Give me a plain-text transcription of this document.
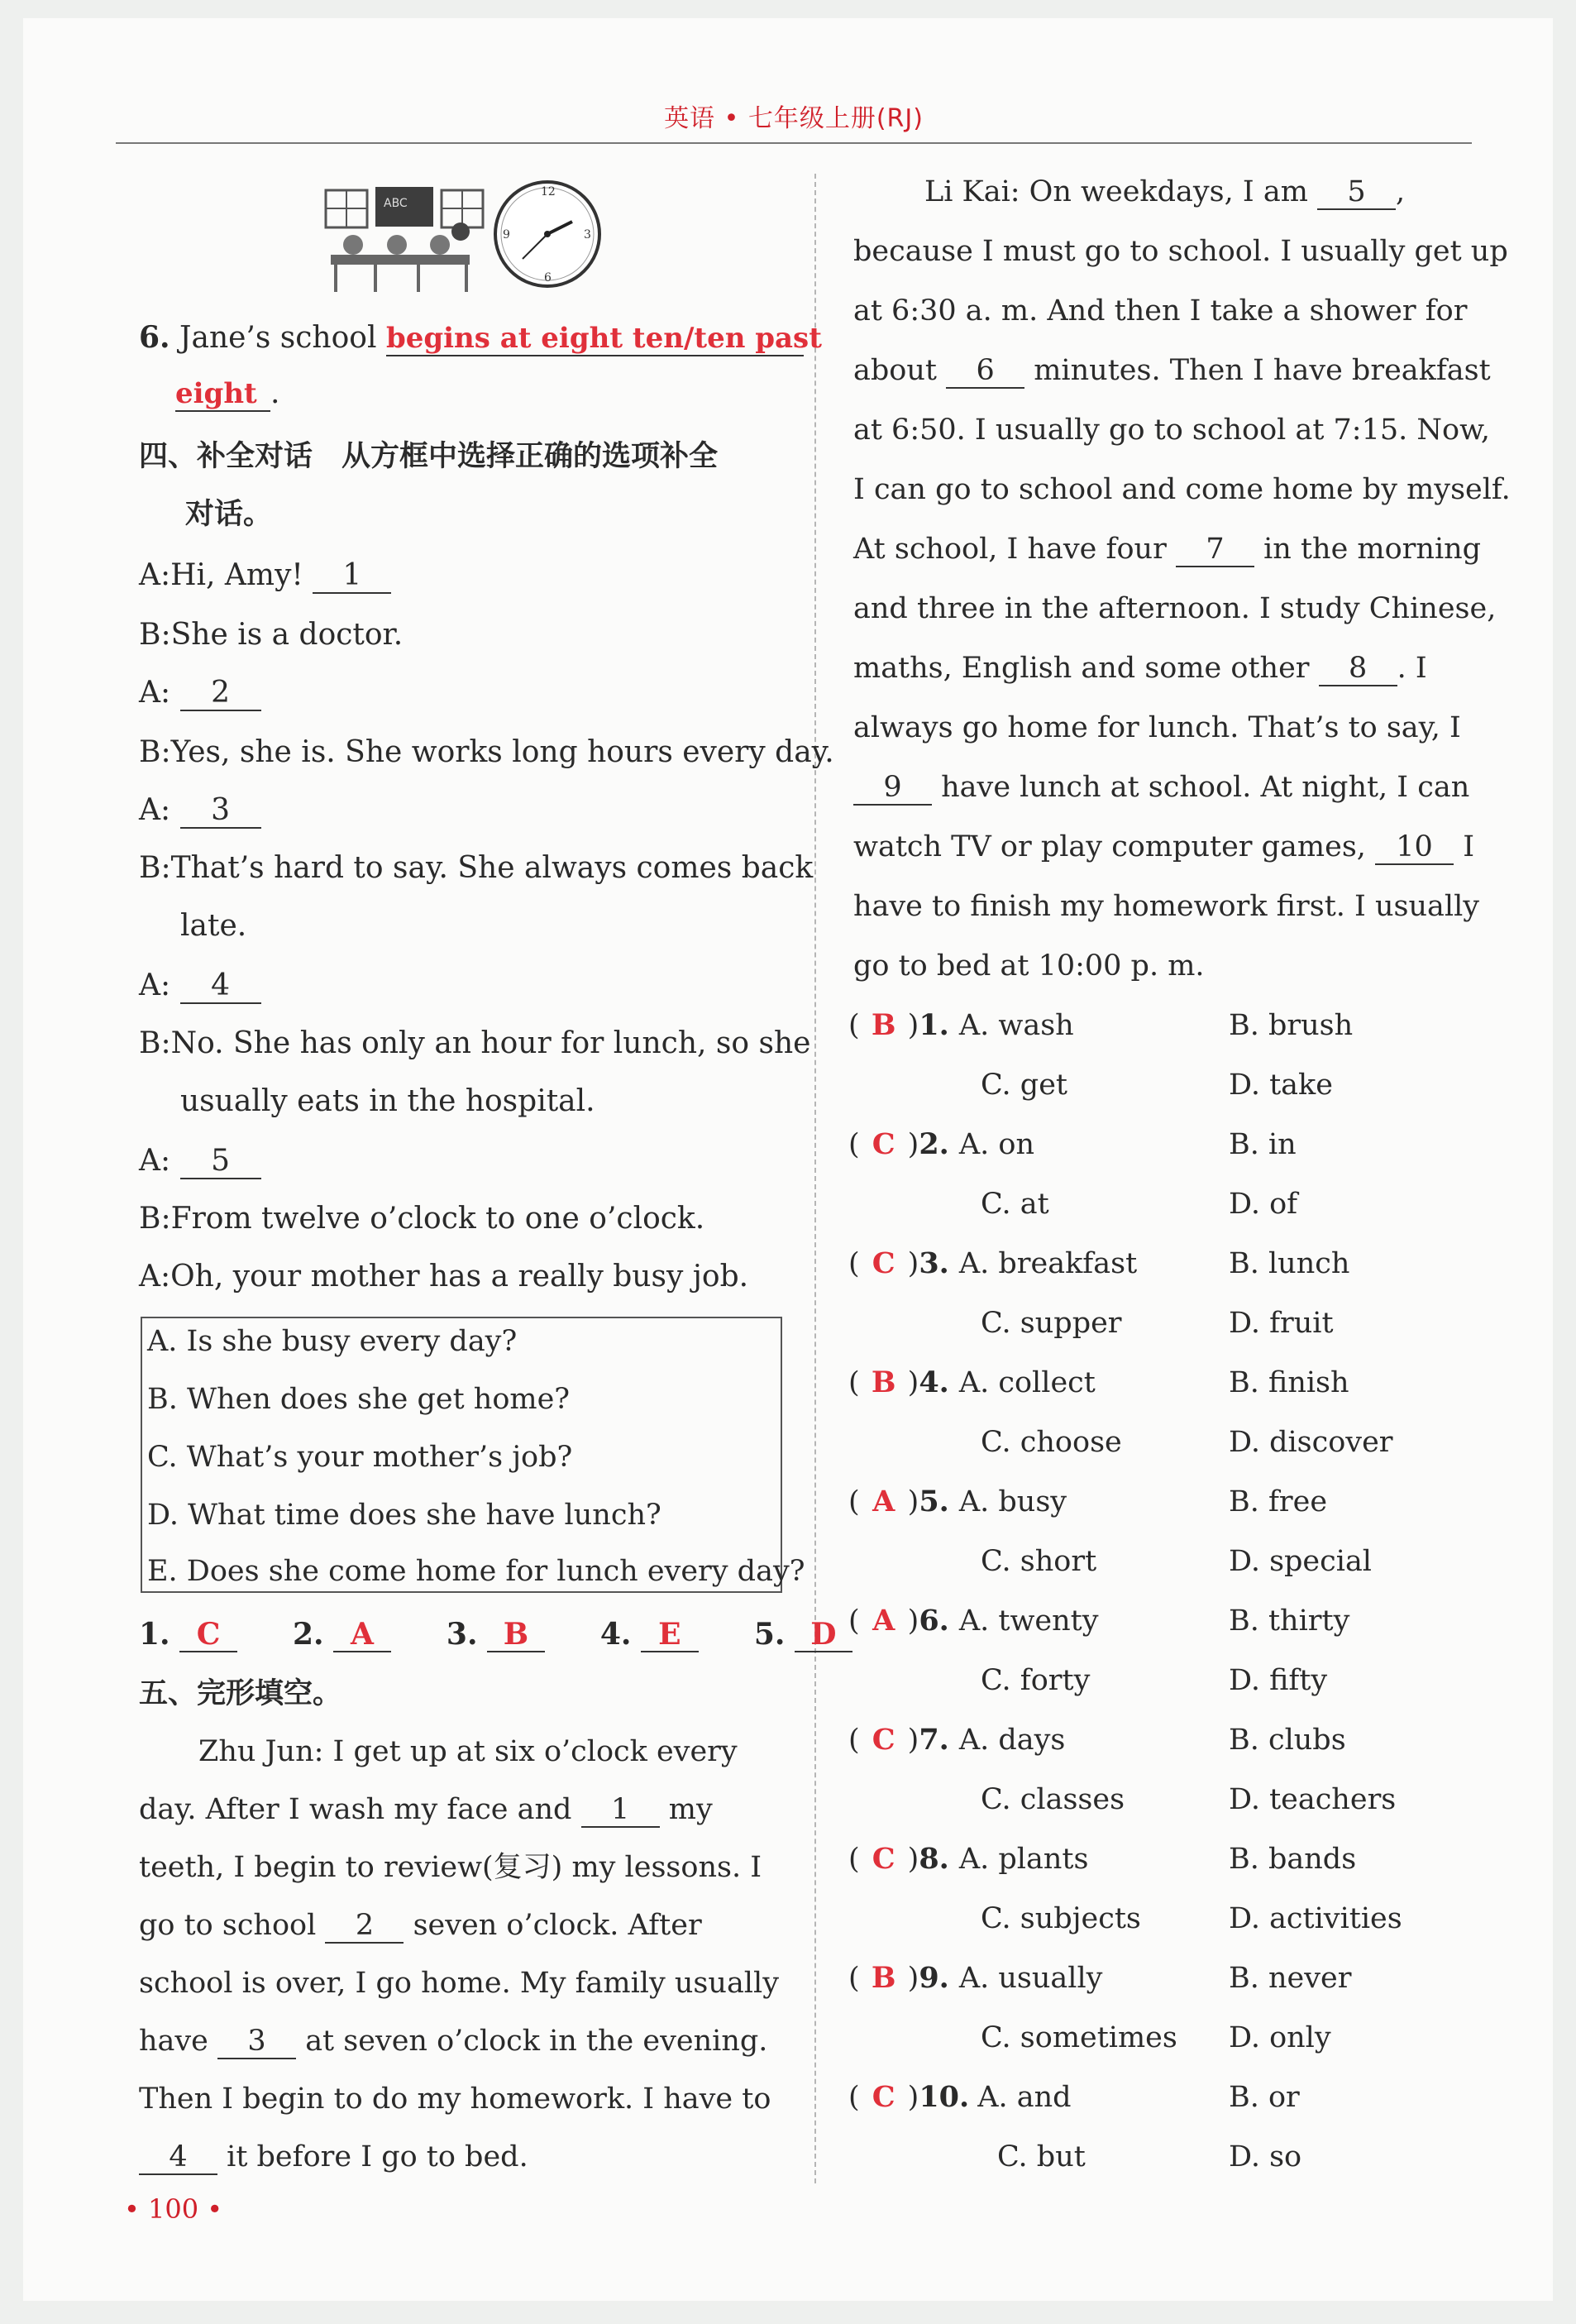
英语 • 七年级上册(RJ)
ABC
12
3
6
9
6. Jane’s school begins at eight ten/ten past
eight .
四、补全对话　从方框中选择正确的选项补全
对话。
A:Hi, Amy! 1
B:She is a doctor.
A: 2
B:Yes, she is. She works long hours every day.
A: 3
B:That’s hard to say. She always comes back
late.
A: 4
B:No. She has only an hour for lunch, so she
usually eats in the hospital.
A: 5
B:From twelve o’clock to one o’clock.
A:Oh, your mother has a really busy job.
A. Is she busy every day?
B. When does she get home?
C. What’s your mother’s job?
D. What time does she have lunch?
E. Does she come home for lunch every day?
1. C 2. A 3. B 4. E 5. D
五、完形填空。
Zhu Jun: I get up at six o’clock every
day. After I wash my face and 1 my
teeth, I begin to review(复习) my lessons. I
go to school 2 seven o’clock. After
school is over, I go home. My family usually
have 3 at seven o’clock in the evening.
Then I begin to do my homework. I have to
4 it before I go to bed.
Li Kai: On weekdays, I am 5 ,
because I must go to school. I usually get up
at 6:30 a. m. And then I take a shower for
about 6 minutes. Then I have breakfast
at 6:50. I usually go to school at 7:15. Now,
I can go to school and come home by myself.
At school, I have four 7 in the morning
and three in the afternoon. I study Chinese,
maths, English and some other 8 . I
always go home for lunch. That’s to say, I
9 have lunch at school. At night, I can
watch TV or play computer games, 10 I
have to finish my homework first. I usually
go to bed at 10:00 p. m.
( B )1. A. wash	B. brush
C. get	D. take
( C )2. A. on	B. in
C. at	D. of
( C )3. A. breakfast	B. lunch
C. supper	D. fruit
( B )4. A. collect	B. finish
C. choose	D. discover
( A )5. A. busy	B. free
C. short	D. special
( A )6. A. twenty	B. thirty
C. forty	D. fifty
( C )7. A. days	B. clubs
C. classes	D. teachers
( C )8. A. plants	B. bands
C. subjects	D. activities
( B )9. A. usually	B. never
C. sometimes D. only
( C )10. A. and	B. or
C. but	D. so
• 100 •
